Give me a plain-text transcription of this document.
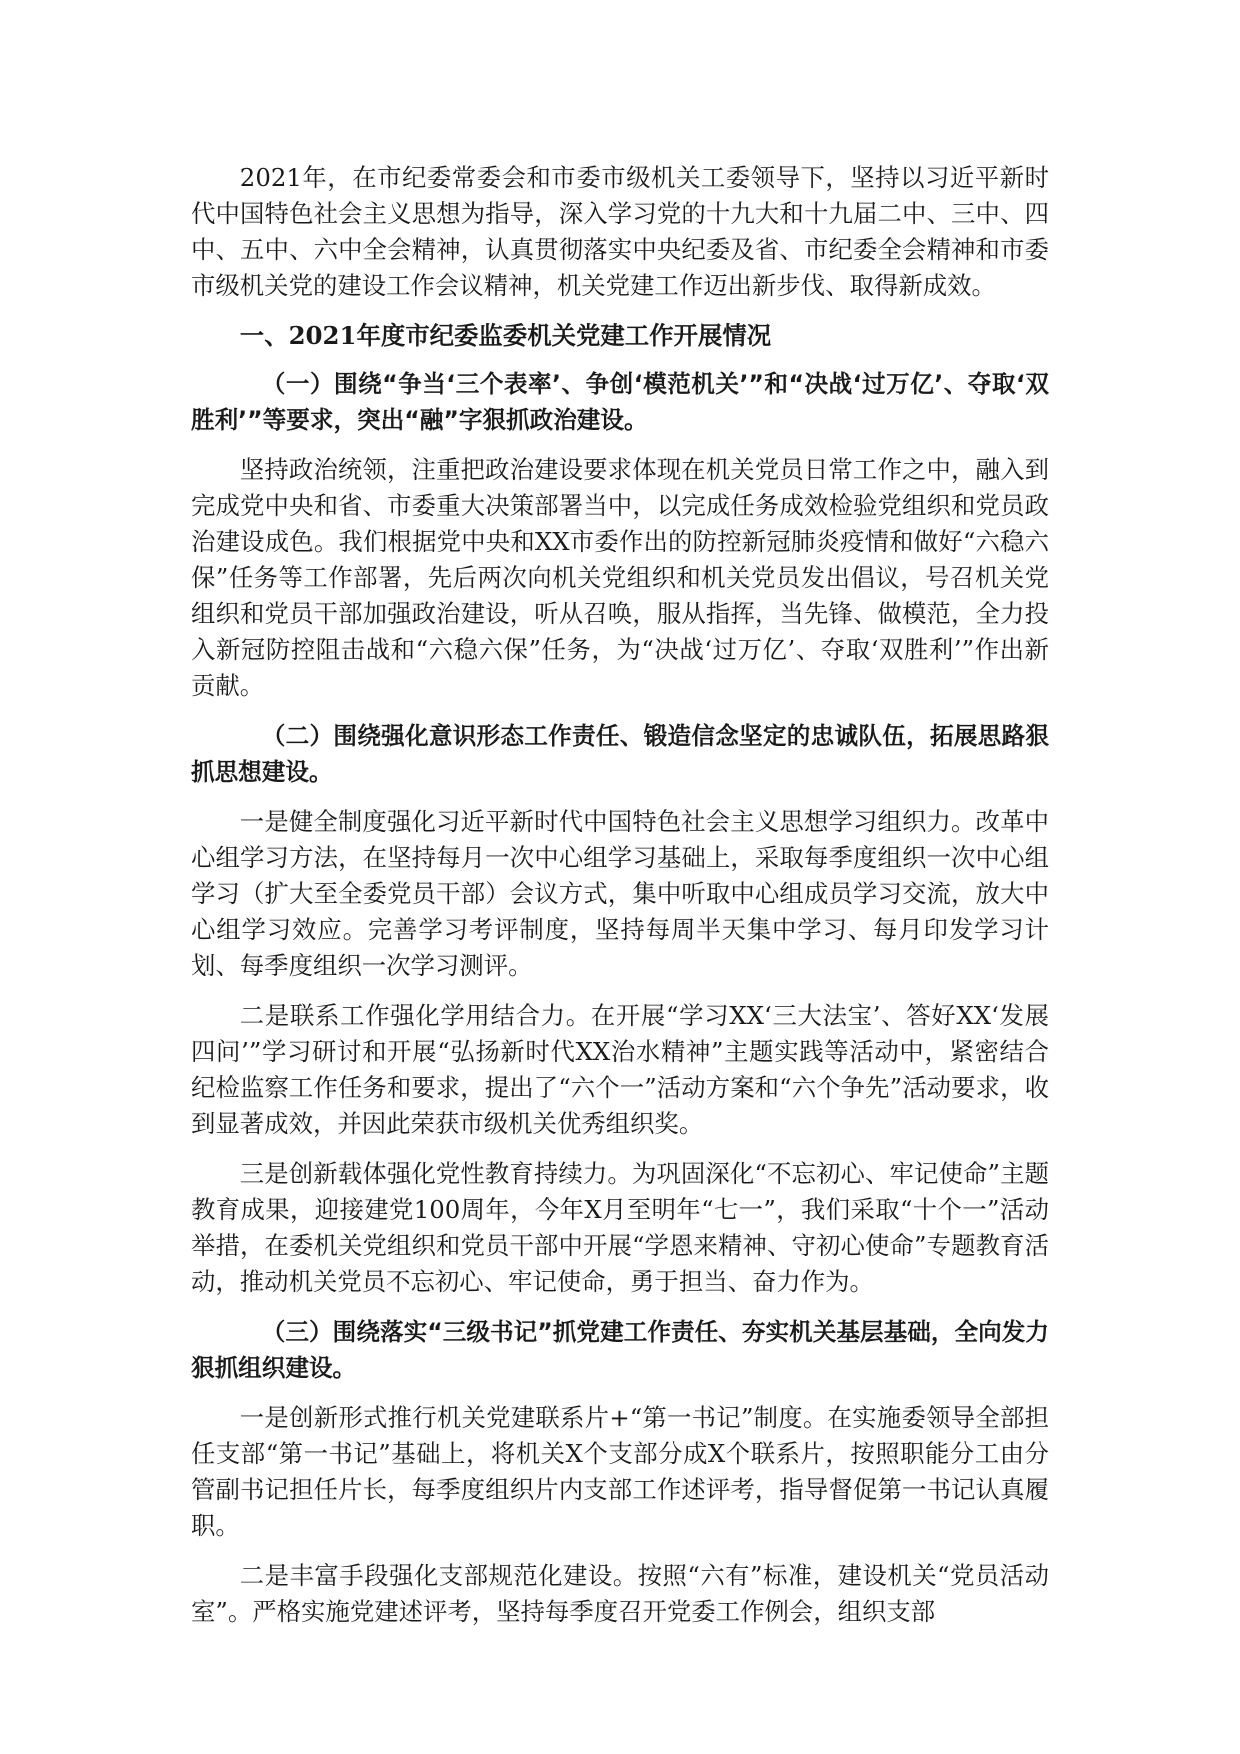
2021年，在市纪委常委会和市委市级机关工委领导下，坚持以习近平新时代中国特色社会主义思想为指导，深入学习党的十九大和十九届二中、三中、四中、五中、六中全会精神，认真贯彻落实中央纪委及省、市纪委全会精神和市委市级机关党的建设工作会议精神，机关党建工作迈出新步伐、取得新成效。

一、2021年度市纪委监委机关党建工作开展情况

（一）围绕“争当‘三个表率’、争创‘模范机关’”和“决战‘过万亿’、夺取‘双胜利’”等要求，突出“融”字狠抓政治建设。

坚持政治统领，注重把政治建设要求体现在机关党员日常工作之中，融入到完成党中央和省、市委重大决策部署当中，以完成任务成效检验党组织和党员政治建设成色。我们根据党中央和XX市委作出的防控新冠肺炎疫情和做好“六稳六保”任务等工作部署，先后两次向机关党组织和机关党员发出倡议，号召机关党组织和党员干部加强政治建设，听从召唤，服从指挥，当先锋、做模范，全力投入新冠防控阻击战和“六稳六保”任务，为“决战‘过万亿’、夺取‘双胜利’”作出新贡献。

（二）围绕强化意识形态工作责任、锻造信念坚定的忠诚队伍，拓展思路狠抓思想建设。

一是健全制度强化习近平新时代中国特色社会主义思想学习组织力。改革中心组学习方法，在坚持每月一次中心组学习基础上，采取每季度组织一次中心组学习（扩大至全委党员干部）会议方式，集中听取中心组成员学习交流，放大中心组学习效应。完善学习考评制度，坚持每周半天集中学习、每月印发学习计划、每季度组织一次学习测评。

二是联系工作强化学用结合力。在开展“学习XX‘三大法宝’、答好XX‘发展四问’”学习研讨和开展“弘扬新时代XX治水精神”主题实践等活动中，紧密结合纪检监察工作任务和要求，提出了“六个一”活动方案和“六个争先”活动要求，收到显著成效，并因此荣获市级机关优秀组织奖。

三是创新载体强化党性教育持续力。为巩固深化“不忘初心、牢记使命”主题教育成果，迎接建党100周年，今年X月至明年“七一”，我们采取“十个一”活动举措，在委机关党组织和党员干部中开展“学恩来精神、守初心使命”专题教育活动，推动机关党员不忘初心、牢记使命，勇于担当、奋力作为。

（三）围绕落实“三级书记”抓党建工作责任、夯实机关基层基础，全向发力狠抓组织建设。

一是创新形式推行机关党建联系片+“第一书记”制度。在实施委领导全部担任支部“第一书记”基础上，将机关X个支部分成X个联系片，按照职能分工由分管副书记担任片长，每季度组织片内支部工作述评考，指导督促第一书记认真履职。

二是丰富手段强化支部规范化建设。按照“六有”标准，建设机关“党员活动室”。严格实施党建述评考，坚持每季度召开党委工作例会，组织支部
